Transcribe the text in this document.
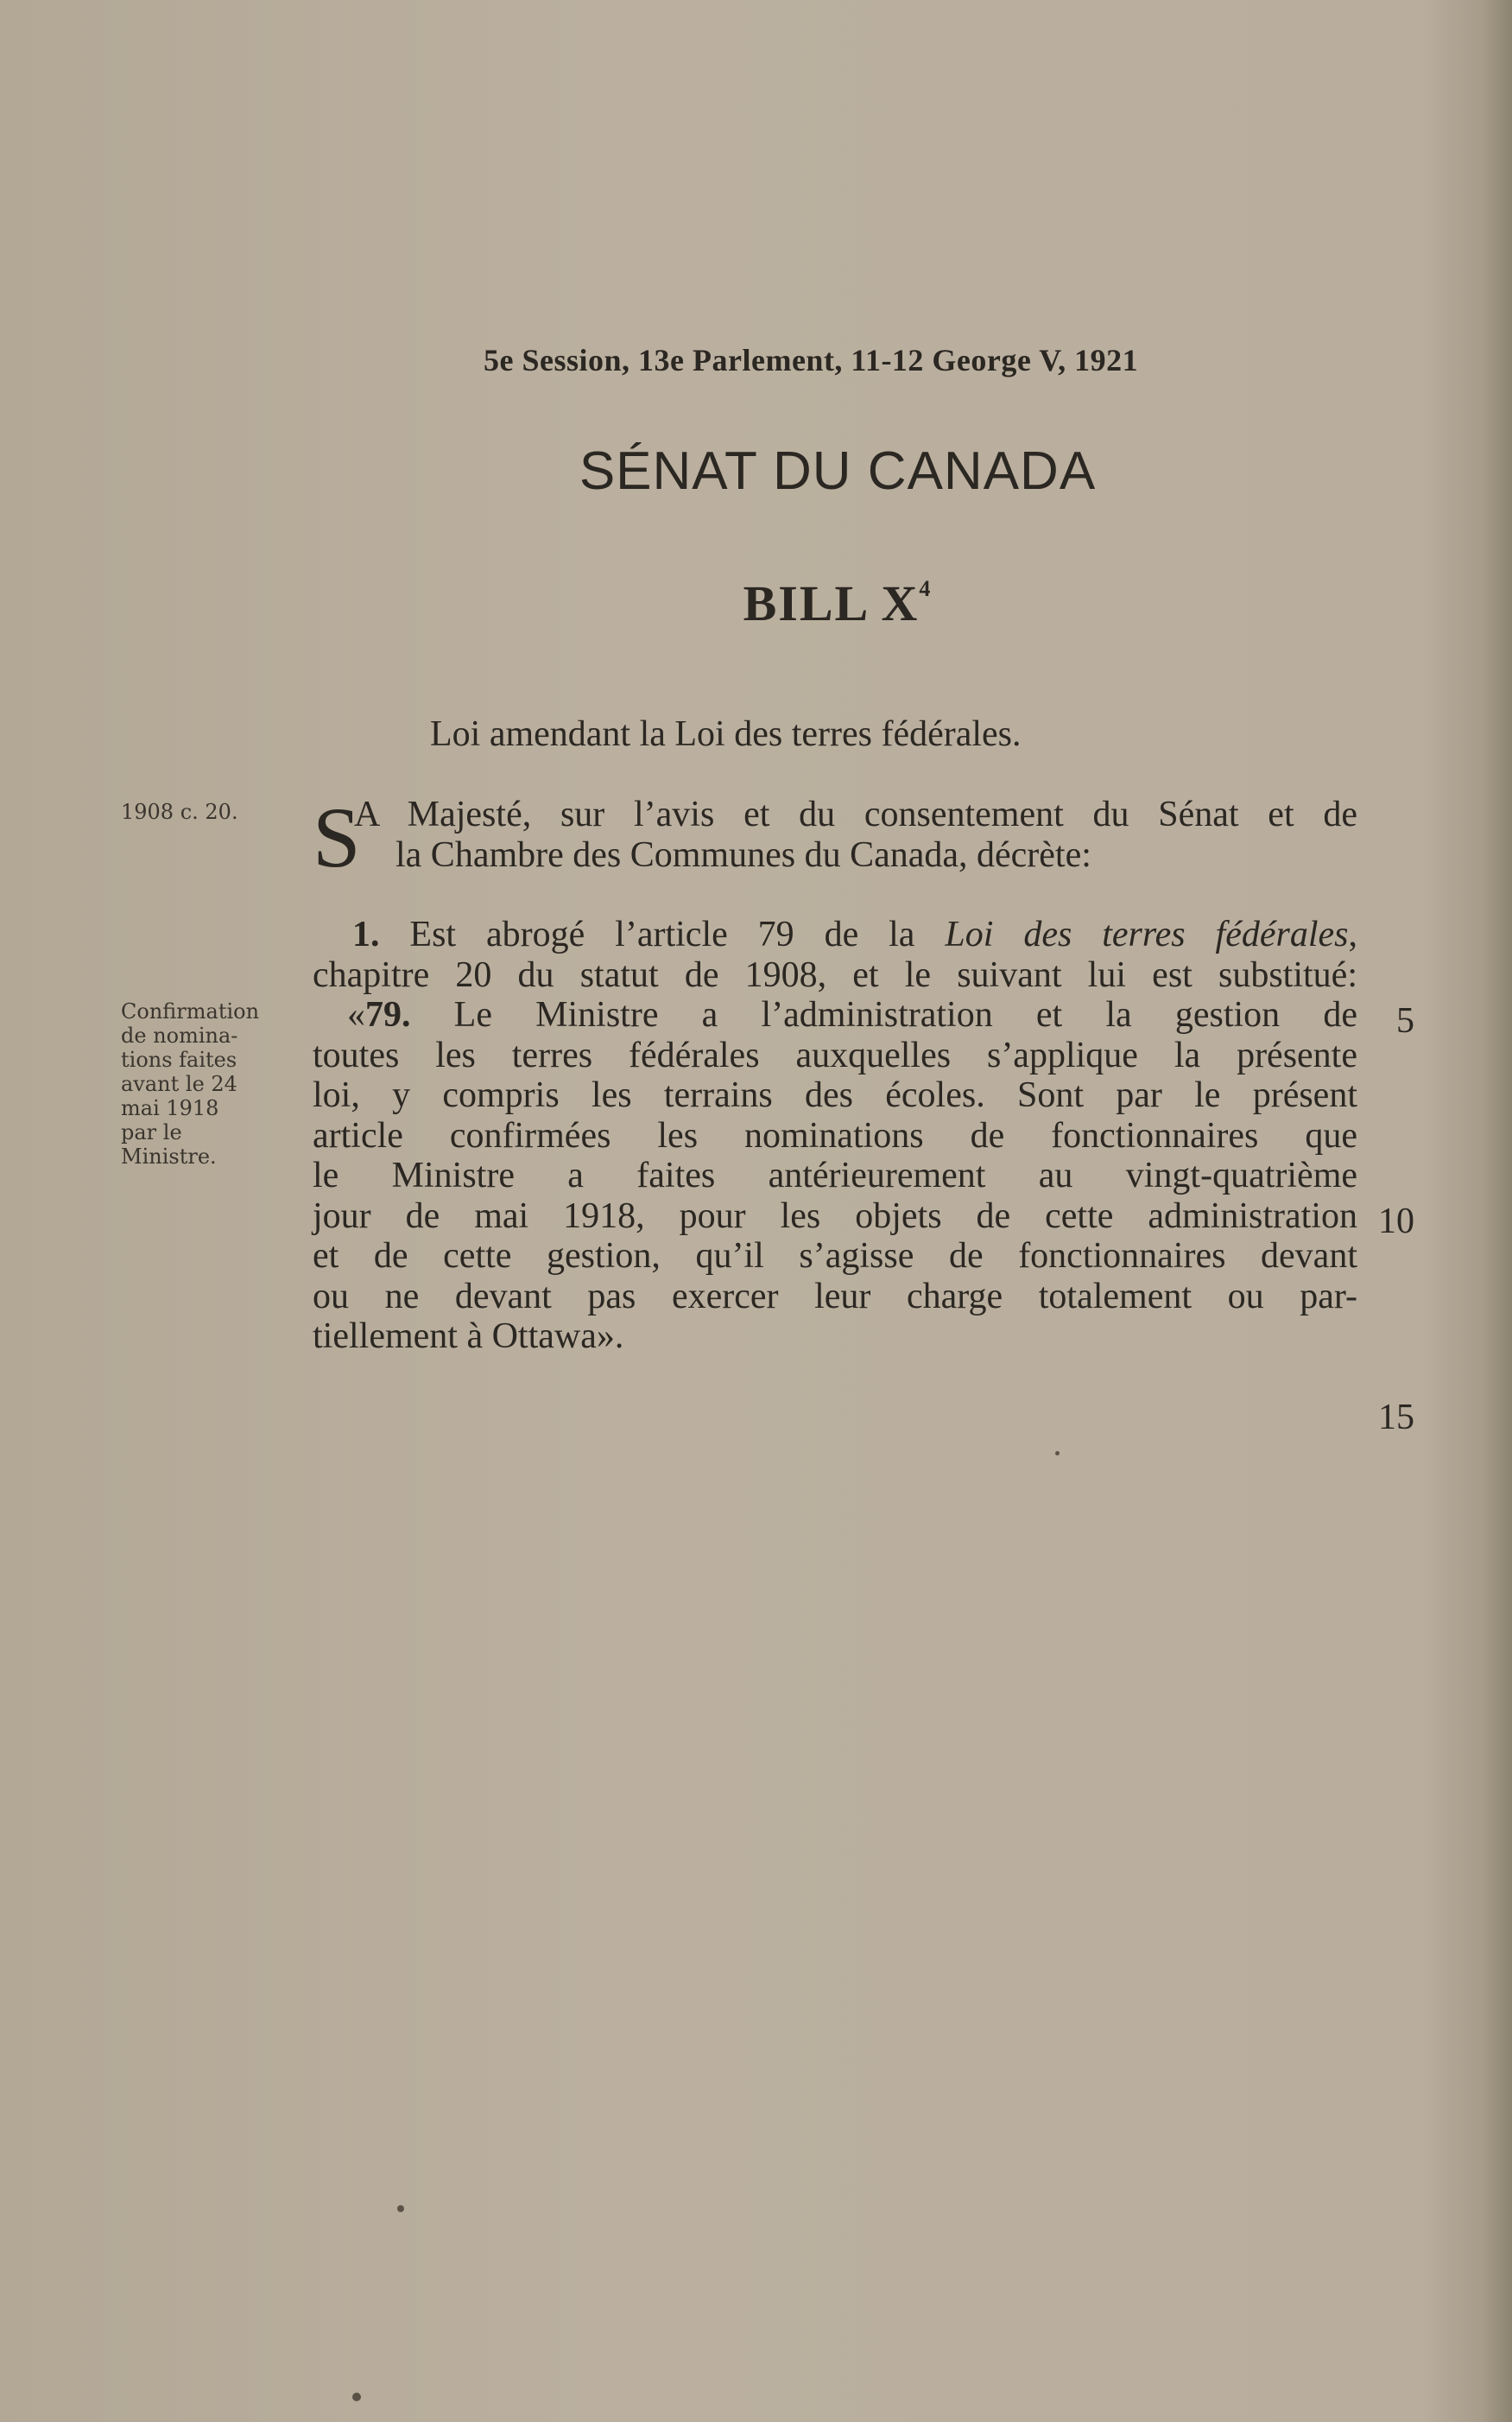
5e Session, 13e Parlement, 11-12 George V, 1921
SÉNAT DU CANADA
BILL $X^4$
Loi amendant la Loi des terres fédérales.
1908 c. 20.
Confirmation
de nomina-
tions faites
avant le 24
mai 1918
par le
Ministre.
S
A Majesté, sur l’avis et du consentement du Sénat et de
la Chambre des Communes du Canada, décrète:
1. Est abrogé l’article 79 de la Loi des terres fédérales,
chapitre 20 du statut de 1908, et le suivant lui est substitué:
«79. Le Ministre a l’administration et la gestion de
toutes les terres fédérales auxquelles s’applique la présente
loi, y compris les terrains des écoles. Sont par le présent
article confirmées les nominations de fonctionnaires que
le Ministre a faites antérieurement au vingt-quatrième
jour de mai 1918, pour les objets de cette administration
et de cette gestion, qu’il s’agisse de fonctionnaires devant
ou ne devant pas exercer leur charge totalement ou par-
tiellement à Ottawa».
5
10
15
